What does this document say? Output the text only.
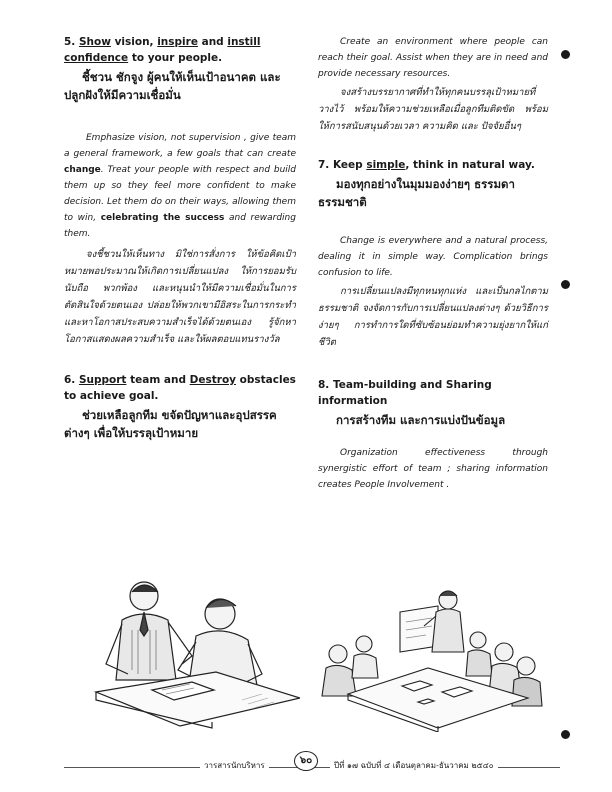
5. Show vision, inspire and instill confidence to your people.

ชี้ชวน ชักจูง ผู้คนให้เห็นเป้าอนาคต และปลูกฝังให้มีความเชื่อมั่น

Emphasize vision, not supervision , give team a general framework, a few goals that can create change. Treat your people with respect and build them up so they feel more confident to make decision. Let them do on their ways, allowing them to win, celebrating the success and rewarding them.

จงชี้ชวนให้เห็นทาง มิใช่การสั่งการ ให้ข้อคิดเป้าหมายพอประมาณให้เกิดการเปลี่ยนแปลง ให้การยอมรับนับถือ พวกพ้อง และหนุนนำให้มีความเชื่อมั่นในการตัดสินใจด้วยตนเอง ปล่อยให้พวกเขามีอิสระในการกระทำ และหาโอกาสประสบความสำเร็จได้ด้วยตนเอง รู้จักหาโอกาสแสดงผลความสำเร็จ และให้ผลตอบแทนรางวัล

6. Support team and Destroy obstacles to achieve goal.

ช่วยเหลือลูกทีม ขจัดปัญหาและอุปสรรคต่างๆ เพื่อให้บรรลุเป้าหมาย

Create an environment where people can reach their goal. Assist when they are in need and provide necessary resources.

จงสร้างบรรยากาศที่ทำให้ทุกคนบรรลุเป้าหมายที่วางไว้ พร้อมให้ความช่วยเหลือเมื่อลูกทีมติดขัด พร้อมให้การสนับสนุนด้วยเวลา ความคิด และ ปัจจัยอื่นๆ

7. Keep simple, think in natural way.

มองทุกอย่างในมุมมองง่ายๆ ธรรมดาธรรมชาติ

Change is everywhere and a natural process, dealing it in simple way. Complication brings confusion to life.

การเปลี่ยนแปลงมีทุกหนทุกแห่ง และเป็นกลไกตามธรรมชาติ จงจัดการกับการเปลี่ยนแปลงต่างๆ ด้วยวิธีการง่ายๆ การทำการใดที่ซับซ้อนย่อมทำความยุ่งยากให้แก่ชีวิต

8. Team-building and Sharing information

การสร้างทีม และการแบ่งปันข้อมูล

Organization effectiveness through synergistic effort of team ; sharing information creates People Involvement .

วารสารนักบริหาร	๖๐	ปีที่ ๑๗ ฉบับที่ ๔ เดือนตุลาคม-ธันวาคม ๒๕๔๐
